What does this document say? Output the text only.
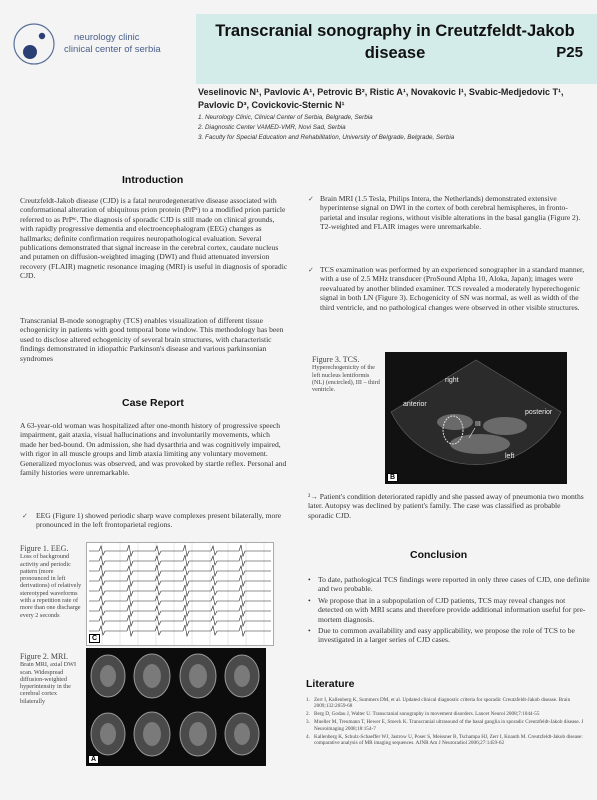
neurology clinic
clinical center of serbia
Transcranial sonography in Creutzfeldt-Jakob disease	P25
Veselinovic N¹, Pavlovic A¹, Petrovic B², Ristic A¹, Novakovic I¹, Svabic-Medjedovic T¹, Pavlovic D³, Covickovic-Sternic N¹
1. Neurology Clinic, Clinical Center of Serbia, Belgrade, Serbia
2. Diagnostic Center VAMED-VMR, Novi Sad, Serbia
3. Faculty for Special Education and Rehabilitation, University of Belgrade, Belgrade, Serbia
Introduction
Creutzfeldt-Jakob disease (CJD) is a fatal neurodegenerative disease associated with conformational alteration of ubiquitous prion protein (PrPᶜ) to a modified prion particle referred to as PrPˢᶜ. The diagnosis of sporadic CJD is still made on clinical grounds, with rapidly progressive dementia and electroencephalogram (EEG) changes as hallmarks; definite confirmation requires neuropathological evaluation. Several publications demonstrated that signal increase in the cerebral cortex, caudate nucleus and putamen on diffusion-weighted imaging (DWI) and fluid attenuated inversion recovery (FLAIR) magnetic resonance imaging (MRI) is useful in diagnosis of sporadic CJD.
Transcranial B-mode sonography (TCS) enables visualization of different tissue echogenicity in patients with good temporal bone window. This methodology has been used to disclose altered echogenicity of several brain structures, with characteristic findings demonstrated in idiopathic Parkinson's disease and various parkinsonian syndromes
Case Report
A 63-year-old woman was hospitalized after one-month history of progressive speech impairment, gait ataxia, visual hallucinations and involuntarily movements, which made her bed-bound. On admission, she had dysarthria and was cognitively impaired, with rigor in all muscle groups and limb ataxia limiting any voluntary movement. Generalized myoclonus was observed, and was provoked by startle reflex. Personal and family histories were unremarkable.
✓ EEG (Figure 1) showed periodic sharp wave complexes present bilaterally, more pronounced in the left frontoparietal regions.
Figure 1. EEG.
Loss of background activity and periodic pattern (more pronounced in left derivations) of relatively stereotyped waveforms with a repetition rate of more than one discharge every 2 seconds
C
Figure 2. MRI.
Brain MRI, axial DWI scan. Widespread diffusion-weighted hyperintensity in the cerebral cortex bilaterally
A
✓ Brain MRI (1.5 Tesla, Philips Intera, the Netherlands) demonstrated extensive hyperintense signal on DWI in the cortex of both cerebral hemispheres, in fronto-parietal and insular regions, without visible alterations in the basal ganglia (Figure 2). T2-weighted and FLAIR images were unremarkable.
✓ TCS examination was performed by an experienced sonographer in a standard manner, with a use of 2.5 MHz transducer (ProSound Alpha 10, Aloka, Japan); images were reevaluated by another blinded examiner. TCS revealed a moderately hyperechogenic signal in both LN (Figure 3). Echogenicity of SN was normal, as well as width of the third ventricle, and no pathological changes were observed in other visible structures.
Figure 3. TCS.
Hyperechogenicity of the left nucleus lentiformis (NL) (encircled), III – third ventricle.
right
anterior
posterior
left
III
B
²→ Patient's condition deteriorated rapidly and she passed away of pneumonia two months later. Autopsy was declined by patient's family. The case was classified as probable sporadic CJD.
Conclusion
• To date, pathological TCS findings were reported in only three cases of CJD, one definite and two probable.
• We propose that in a subpopulation of CJD patients, TCS may reveal changes not detected on with MRI scans and therefore provide additional information useful for pre-mortem diagnosis.
• Due to common availability and easy applicability, we propose the role of TCS to be investigated in a larger series of CJD cases.
Literature
1. Zerr I, Kallenberg K, Summers DM, et al. Updated clinical diagnostic criteria for sporadic Creutzfeldt-Jakob disease. Brain 2009;132:2659-68
2. Berg D, Godau J, Walter U. Transcranial sonography in movement disorders. Lancet Neurol 2008;7:1044-55
3. Mueller M, Treumann T, Hewer E, Stoeck K. Transcranial ultrasound of the basal ganglia in sporadic Creutzfeldt-Jakob disease. J Neuroimaging 2008;18:154-7
4. Kallenberg K, Schulz-Schaeffer WJ, Jastrow U, Poser S, Meissner B, Tschampa HJ, Zerr I, Knauth M. Creutzfeldt-Jakob disease: comparative analysis of MR imaging sequences. AJNR Am J Neuroradiol 2006;27:1459-62
